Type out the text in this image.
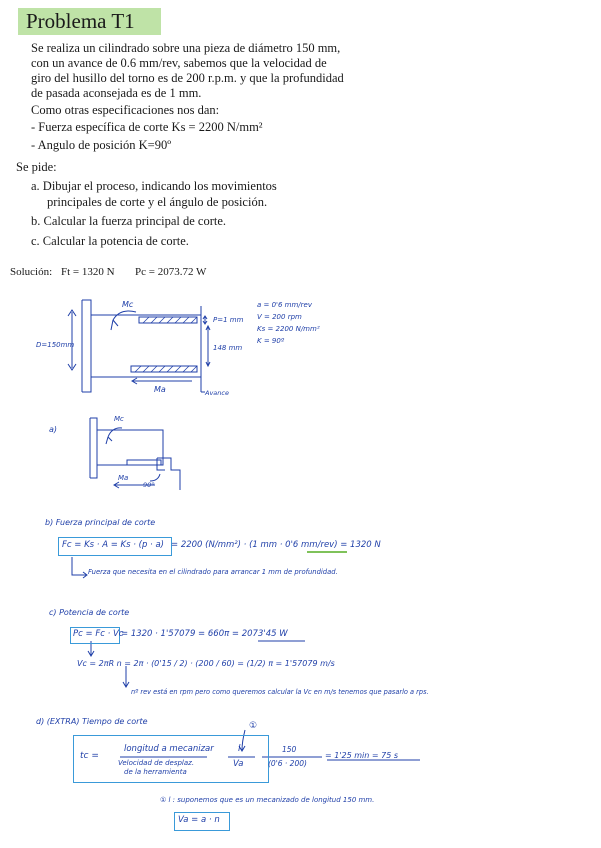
Problema T1
Se realiza un cilindrado sobre una pieza de diámetro 150 mm,
con un avance de 0.6 mm/rev, sabemos que la velocidad de
giro del husillo del torno es de 200 r.p.m. y que la profundidad
de pasada aconsejada es de 1 mm.
Como otras especificaciones nos dan:
- Fuerza específica de corte Ks = 2200 N/mm²
- Angulo de posición K=90º
Se pide:
a. Dibujar el proceso, indicando los movimientos
principales de corte y el ángulo de posición.
b. Calcular la fuerza principal de corte.
c. Calcular la potencia de corte.
Solución: Ft = 1320 N Pc = 2073.72 W
Mc
P=1 mm
D=150mm	148 mm
Ma	Avance
a = 0'6 mm/rev
V = 200 rpm
Ks = 2200 N/mm²
K = 90º
a)
Mc
Ma
90º
b) Fuerza principal de corte
Fc = Ks · A = Ks · (p · a) = 2200 (N/mm²) · (1 mm · 0'6 mm/rev) = 1320 N
Fuerza que necesita en el cilindrado para arrancar 1 mm de profundidad.
c) Potencia de corte
Pc = Fc · Vc
= 1320 · 1'57079 = 660π = 2073'45 W
Vc = 2πR n = 2π · (0'15 / 2) · (200 / 60) = (1/2) π = 1'57079 m/s
nº rev está en rpm pero como queremos calcular la Vc en m/s tenemos que pasarlo a rps.
d) (EXTRA) Tiempo de corte	①
tc =
longitud a mecanizar
Velocidad de desplaz.
de la herramienta
l
Va
150
(0'6 · 200)
= 1'25 min = 75 s
① l : suponemos que es un mecanizado de longitud 150 mm.
Va = a · n
